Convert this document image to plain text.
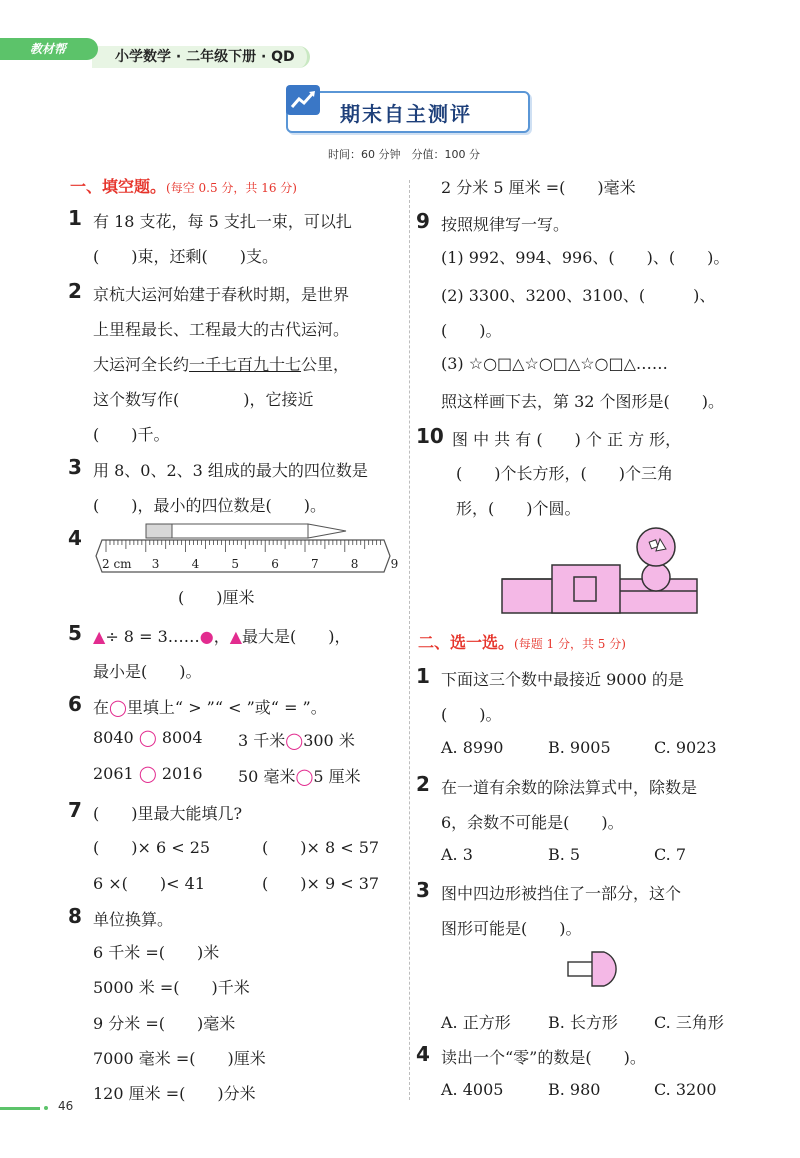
教材帮	小学数学 · 二年级下册 · QD
期末自主测评
时间：60 分钟　分值：100 分
一、填空题。(每空 0.5 分，共 16 分)
1 有 18 支花，每 5 支扎一束，可以扎
(　　)束，还剩(　　)支。
2 京杭大运河始建于春秋时期，是世界
上里程最长、工程最大的古代运河。
大运河全长约一千七百九十七公里，
这个数写作(　　　　)，它接近
(　　)千。
3 用 8、0、2、3 组成的最大的四位数是
(　　)，最小的四位数是(　　)。
4
2 cm 3	4	5	6	7	8	9
(　　)厘米
5 ▲÷ 8 = 3……●，▲最大是(　　)，
最小是(　　)。
6 在◯里填上“ > ”“ < ”或“ = ”。
8040 ◯ 8004 3 千米◯300 米
2061 ◯ 2016 50 毫米◯5 厘米
7 (　　)里最大能填几?
(　　)× 6 < 25	(　　)× 8 < 57
6 ×(　　)< 41	(　　)× 9 < 37
8 单位换算。
6 千米 =(　　)米
5000 米 =(　　)千米
9 分米 =(　　)毫米
7000 毫米 =(　　)厘米
120 厘米 =(　　)分米
2 分米 5 厘米 =(　　)毫米
9 按照规律写一写。
(1) 992、994、996、(　　)、(　　)。
(2) 3300、3200、3100、(　　　)、
(　　)。
(3) ☆○□△☆○□△☆○□△……
照这样画下去，第 32 个图形是(　　)。
10 图 中 共 有 (　　) 个 正 方 形，
(　　)个长方形，(　　)个三角
形，(　　)个圆。
二、选一选。(每题 1 分，共 5 分)
1 下面这三个数中最接近 9000 的是
(　　)。
A. 8990	B. 9005	C. 9023
2 在一道有余数的除法算式中，除数是
6，余数不可能是(　　)。
A. 3	B. 5	C. 7
3 图中四边形被挡住了一部分，这个
图形可能是(　　)。
A. 正方形 B. 长方形 C. 三角形
4 读出一个“零”的数是(　　)。
A. 4005	B. 980	C. 3200
46
